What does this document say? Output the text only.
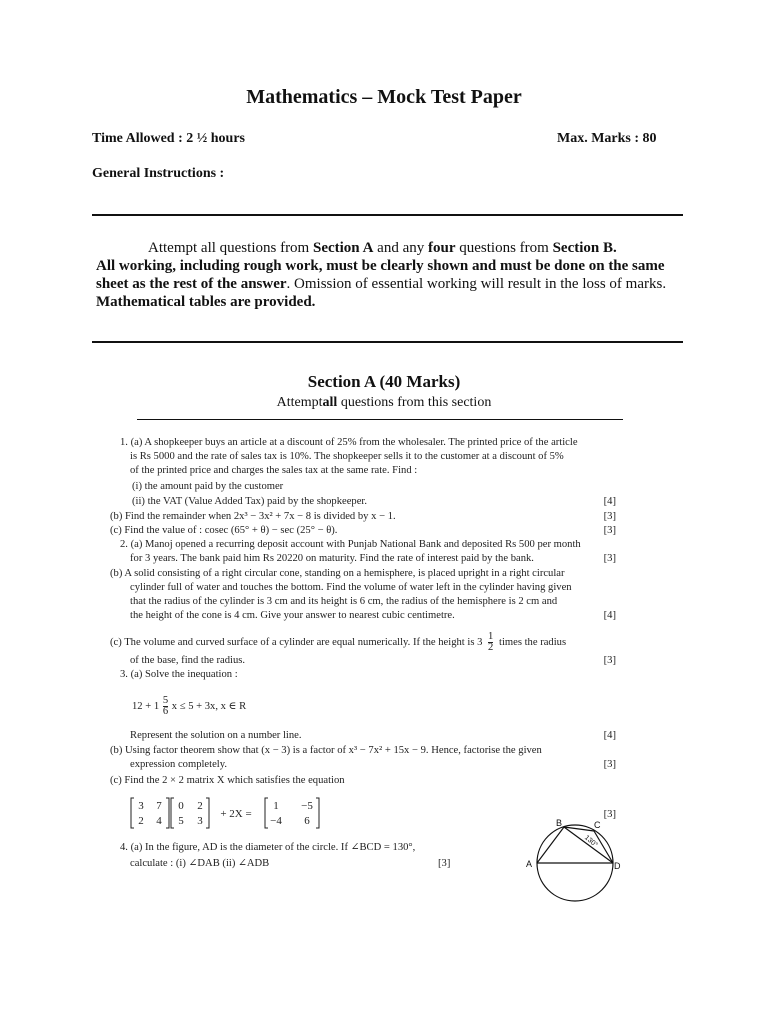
Mathematics – Mock Test Paper
Time Allowed : 2 ½ hours	Max. Marks : 80
General Instructions :

Attempt all questions from Section A and any four questions from Section B.

All working, including rough work, must be clearly shown and must be done on the same sheet as the rest of the answer. Omission of essential working will result in the loss of marks. Mathematical tables are provided.

Section A (40 Marks)
Attemptall questions from this section
1. (a) A shopkeeper buys an article at a discount of 25% from the wholesaler. The printed price of the article
is Rs 5000 and the rate of sales tax is 10%. The shopkeeper sells it to the customer at a discount of 5%
of the printed price and charges the sales tax at the same rate. Find :
(i) the amount paid by the customer
(ii) the VAT (Value Added Tax) paid by the shopkeeper.	[4]
(b) Find the remainder when 2x³ − 3x² + 7x − 8 is divided by x − 1.	[3]
(c) Find the value of : cosec (65° + θ) − sec (25° − θ).	[3]
2. (a) Manoj opened a recurring deposit account with Punjab National Bank and deposited Rs 500 per month
for 3 years. The bank paid him Rs 20220 on maturity. Find the rate of interest paid by the bank.	[3]
(b) A solid consisting of a right circular cone, standing on a hemisphere, is placed upright in a right circular
cylinder full of water and touches the bottom. Find the volume of water left in the cylinder having given
that the radius of the cylinder is 3 cm and its height is 6 cm, the radius of the hemisphere is 2 cm and
the height of the cone is 4 cm. Give your answer to nearest cubic centimetre.	[4]
(c) The volume and curved surface of a cylinder are equal numerically. If the height is $3 \frac{1}{2}$ times the radius
of the base, find the radius.	[3]
3. (a) Solve the inequation :
$12 + 1 \frac{5}{6}$ x ≤ 5 + 3x, x ∈ R
Represent the solution on a number line.	[4]
(b) Using factor theorem show that (x − 3) is a factor of x³ − 7x² + 15x − 9. Hence, factorise the given
expression completely.	[3]
(c) Find the 2 × 2 matrix X which satisfies the equation
3 7
2 4
0 2
5 3
+ 2X =
1 −5
−4 6
[3]
4. (a) In the figure, AD is the diameter of the circle. If ∠BCD = 130°,
calculate : (i) ∠DAB (ii) ∠ADB	[3]	A
B	C
D
130°
